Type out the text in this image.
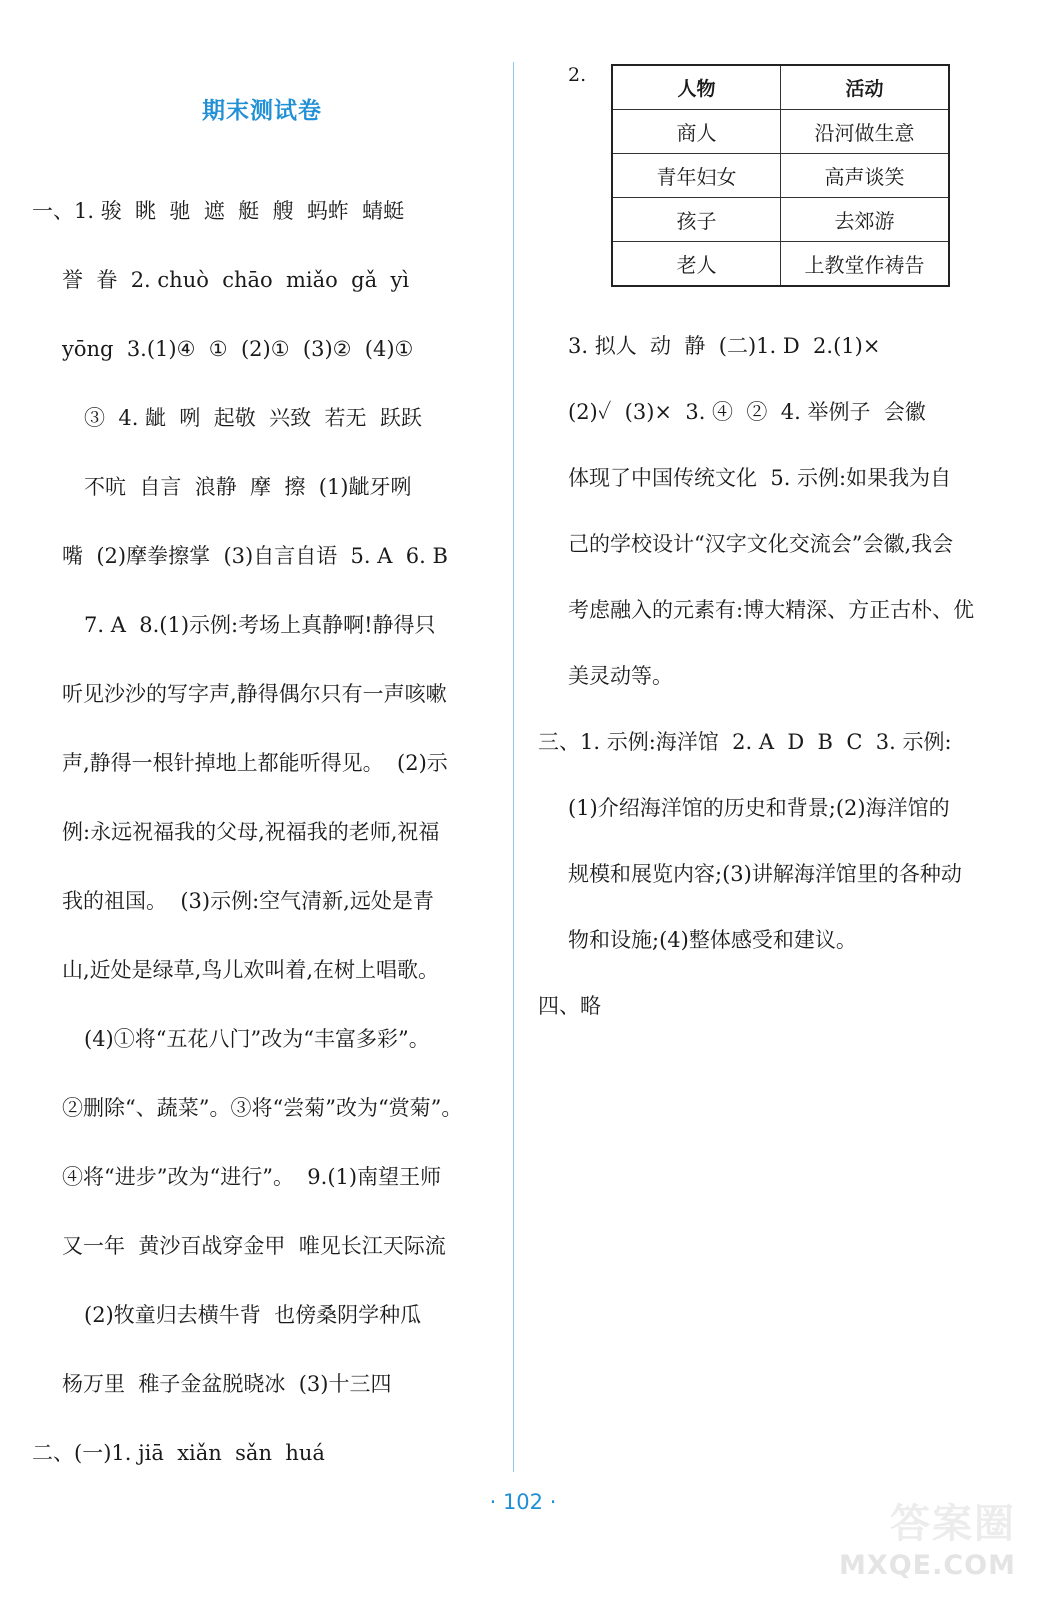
期末测试卷
一、1. 骏  眺  驰  遮  艇  艘  蚂蚱  蜻蜓
誉  眷  2. chuò  chāo  miǎo  gǎ  yì
yōng  3.(1)④  ①  (2)①  (3)②  (4)①
③  4. 龇  咧  起敬  兴致  若无  跃跃
不吭  自言  浪静  摩  擦  (1)龇牙咧
嘴  (2)摩拳擦掌  (3)自言自语  5. A  6. B
7. A  8.(1)示例:考场上真静啊!静得只
听见沙沙的写字声,静得偶尔只有一声咳嗽
声,静得一根针掉地上都能听得见。  (2)示
例:永远祝福我的父母,祝福我的老师,祝福
我的祖国。  (3)示例:空气清新,远处是青
山,近处是绿草,鸟儿欢叫着,在树上唱歌。
(4)①将“五花八门”改为“丰富多彩”。
②删除“、蔬菜”。③将“尝菊”改为“赏菊”。
④将“进步”改为“进行”。  9.(1)南望王师
又一年  黄沙百战穿金甲  唯见长江天际流
(2)牧童归去横牛背  也傍桑阴学种瓜
杨万里  稚子金盆脱晓冰  (3)十三四
二、(一)1. jiā  xiǎn  sǎn  huá
2.
人物	活动
商人	沿河做生意
青年妇女	高声谈笑
孩子	去郊游
老人	上教堂作祷告
3. 拟人  动  静  (二)1. D  2.(1)×
(2)✓  (3)×  3. ④  ②  4. 举例子  会徽
体现了中国传统文化  5. 示例:如果我为自
己的学校设计“汉字文化交流会”会徽,我会
考虑融入的元素有:博大精深、方正古朴、优
美灵动等。
三、1. 示例:海洋馆  2. A  D  B  C  3. 示例:
(1)介绍海洋馆的历史和背景;(2)海洋馆的
规模和展览内容;(3)讲解海洋馆里的各种动
物和设施;(4)整体感受和建议。
四、略
· 102 ·	答案圈
MXQE.COM
